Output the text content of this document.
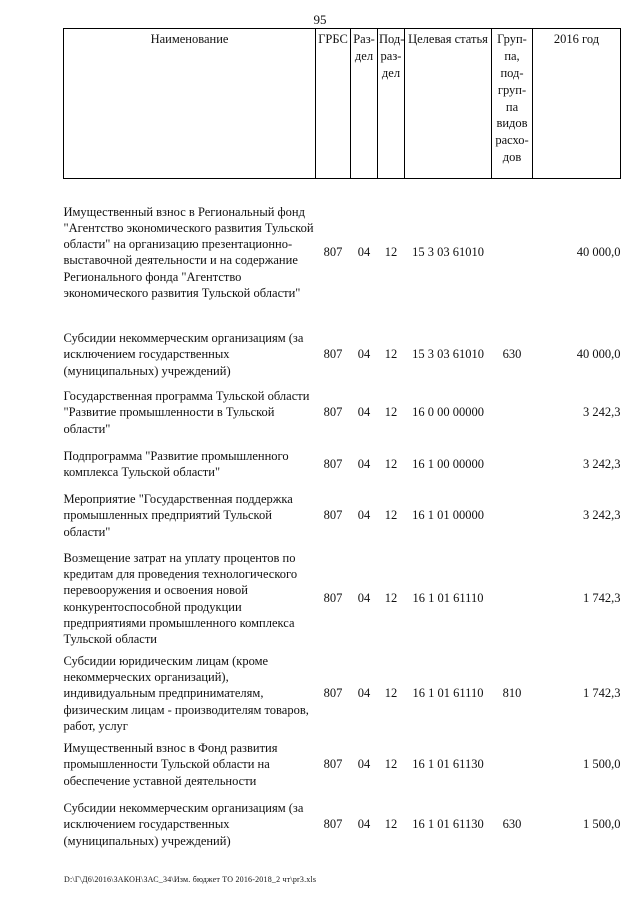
95
Наименование	ГРБС	Раз-дел	Под-раз-дел	Целевая статья	Груп-па, под-груп-па видов расхо-дов	2016 год
Имущественный взнос в Региональный фонд "Агентство экономического развития Тульской области" на организацию презентационно-выставочной деятельности и на содержание Регионального фонда "Агентство экономического развития Тульской области"	807	04	12	15 3 03 61010		40 000,0
Субсидии некоммерческим организациям (за исключением государственных (муниципальных) учреждений)	807	04	12	15 3 03 61010	630	40 000,0
Государственная программа Тульской области "Развитие промышленности в Тульской области"	807	04	12	16 0 00 00000		3 242,3
Подпрограмма "Развитие промышленного комплекса Тульской области"	807	04	12	16 1 00 00000		3 242,3
Мероприятие "Государственная поддержка промышленных предприятий Тульской области"	807	04	12	16 1 01 00000		3 242,3
Возмещение затрат на уплату процентов по кредитам для проведения технологического перевооружения и освоения новой конкурентоспособной продукции предприятиями промышленного комплекса Тульской области	807	04	12	16 1 01 61110		1 742,3
Субсидии юридическим лицам (кроме некоммерческих организаций), индивидуальным предпринимателям, физическим лицам - производителям товаров, работ, услуг	807	04	12	16 1 01 61110	810	1 742,3
Имущественный взнос в Фонд развития промышленности Тульской области на обеспечение уставной деятельности	807	04	12	16 1 01 61130		1 500,0
Субсидии некоммерческим организациям (за исключением государственных (муниципальных) учреждений)	807	04	12	16 1 01 61130	630	1 500,0
D:\Г\Д6\2016\ЗАКОН\ЗАС_34\Изм. бюджет ТО 2016-2018_2 чт\pr3.xls
